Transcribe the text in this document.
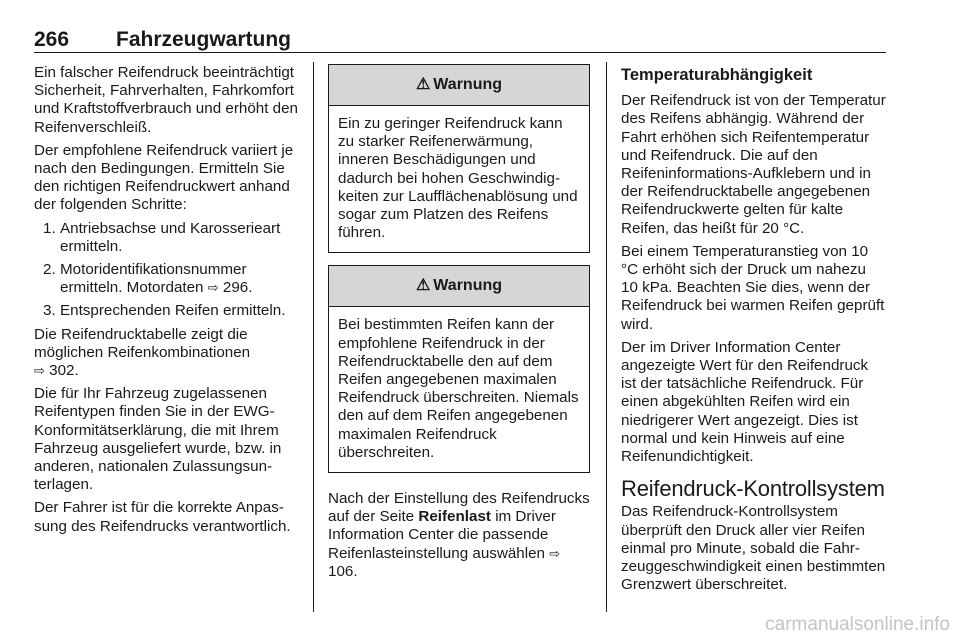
266 Fahrzeugwartung

Ein falscher Reifendruck beeinträchtigt Sicherheit, Fahrverhalten, Fahrkomfort und Kraftstoffverbrauch und erhöht den Reifenverschleiß.

Der empfohlene Reifendruck variiert je nach den Bedingungen. Ermitteln Sie den richtigen Reifendruckwert anhand der folgenden Schritte:

1. Antriebsachse und Karosserieart ermitteln.
2. Motoridentifikationsnummer ermitteln. Motordaten ⇨ 296.
3. Entsprechenden Reifen ermitteln.

Die Reifendrucktabelle zeigt die möglichen Reifenkombinationen
⇨ 302.

Die für Ihr Fahrzeug zugelassenen Reifentypen finden Sie in der EWG-Konformitätserklärung, die mit Ihrem Fahrzeug ausgeliefert wurde, bzw. in anderen, nationalen Zulassungsunterlagen.

Der Fahrer ist für die korrekte Anpassung des Reifendrucks verantwortlich.

⚠ Warnung
Ein zu geringer Reifendruck kann zu starker Reifenerwärmung, inneren Beschädigungen und dadurch bei hohen Geschwindigkeiten zur Laufflächenablösung und sogar zum Platzen des Reifens führen.
⚠ Warnung
Bei bestimmten Reifen kann der empfohlene Reifendruck in der Reifendrucktabelle den auf dem Reifen angegebenen maximalen Reifendruck überschreiten. Niemals den auf dem Reifen angegebenen maximalen Reifendruck überschreiten.

Nach der Einstellung des Reifendrucks auf der Seite Reifenlast im Driver Information Center die passende Reifenlasteinstellung auswählen ⇨ 106.

Temperaturabhängigkeit

Der Reifendruck ist von der Temperatur des Reifens abhängig. Während der Fahrt erhöhen sich Reifentemperatur und Reifendruck. Die auf den Reifeninformations-Aufklebern und in der Reifendrucktabelle angegebenen Reifendruckwerte gelten für kalte Reifen, das heißt für 20 °C.

Bei einem Temperaturanstieg von 10 °C erhöht sich der Druck um nahezu 10 kPa. Beachten Sie dies, wenn der Reifendruck bei warmen Reifen geprüft wird.

Der im Driver Information Center angezeigte Wert für den Reifendruck ist der tatsächliche Reifendruck. Für einen abgekühlten Reifen wird ein niedrigerer Wert angezeigt. Dies ist normal und kein Hinweis auf eine Reifenundichtigkeit.

Reifendruck-Kontrollsystem

Das Reifendruck-Kontrollsystem überprüft den Druck aller vier Reifen einmal pro Minute, sobald die Fahrzeuggeschwindigkeit einen bestimmten Grenzwert überschreitet.

carmanualsonline.info
